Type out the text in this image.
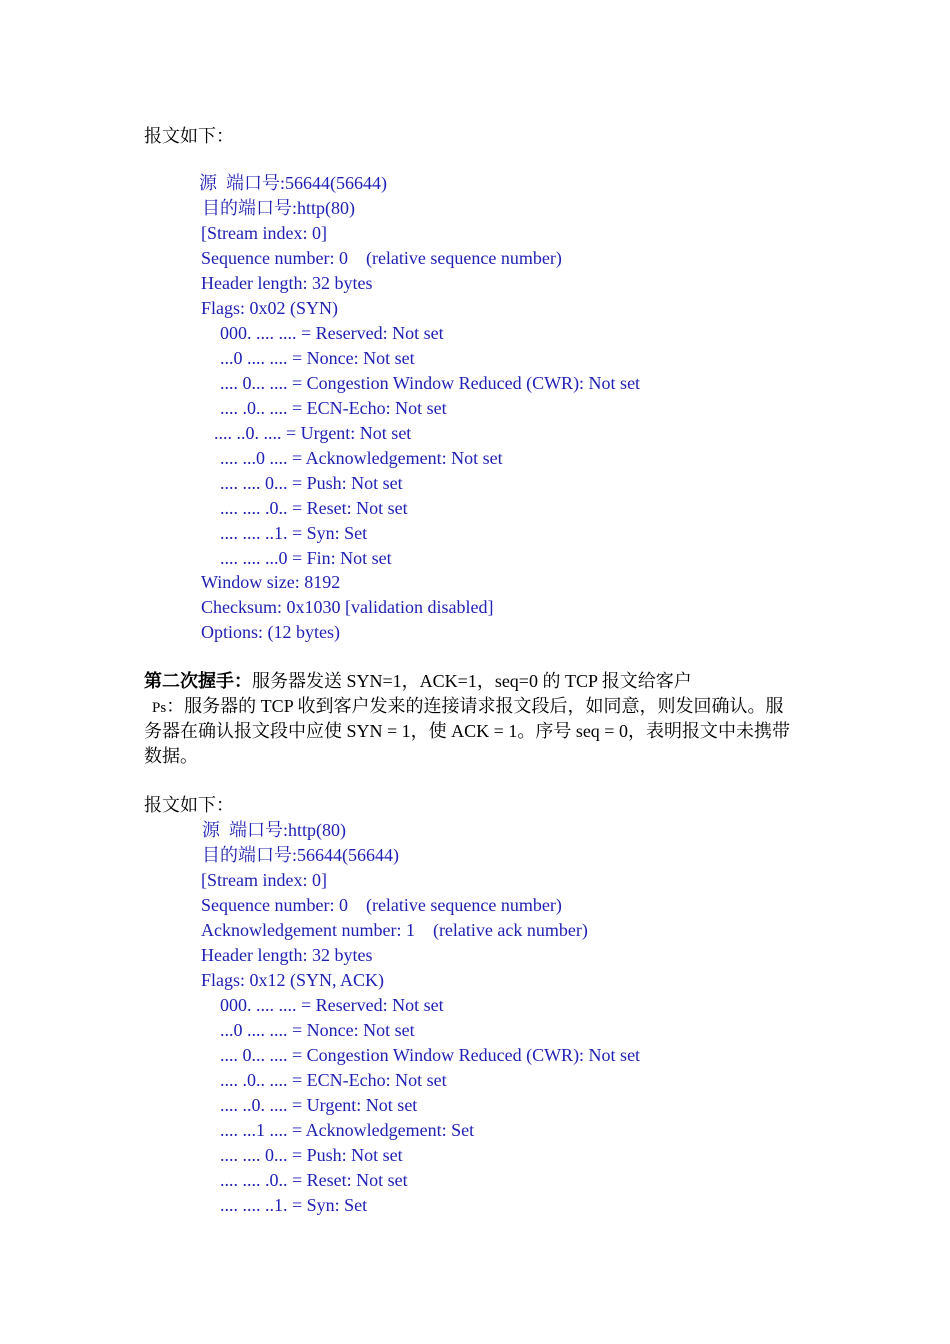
报文如下：
源  端口号:56644(56644)
目的端口号:http(80)
[Stream index: 0]
Sequence number: 0    (relative sequence number)
Header length: 32 bytes
Flags: 0x02 (SYN)
000. .... .... = Reserved: Not set
...0 .... .... = Nonce: Not set
.... 0... .... = Congestion Window Reduced (CWR): Not set
.... .0.. .... = ECN-Echo: Not set
.... ..0. .... = Urgent: Not set
.... ...0 .... = Acknowledgement: Not set
.... .... 0... = Push: Not set
.... .... .0.. = Reset: Not set
.... .... ..1. = Syn: Set
.... .... ...0 = Fin: Not set
Window size: 8192
Checksum: 0x1030 [validation disabled]
Options: (12 bytes)
第二次握手：服务器发送 SYN=1，ACK=1，seq=0 的 TCP 报文给客户
Ps：服务器的 TCP 收到客户发来的连接请求报文段后，如同意，则发回确认。服
务器在确认报文段中应使 SYN = 1，使 ACK = 1。序号 seq = 0，表明报文中未携带
数据。
报文如下：
源  端口号:http(80)
目的端口号:56644(56644)
[Stream index: 0]
Sequence number: 0    (relative sequence number)
Acknowledgement number: 1    (relative ack number)
Header length: 32 bytes
Flags: 0x12 (SYN, ACK)
000. .... .... = Reserved: Not set
...0 .... .... = Nonce: Not set
.... 0... .... = Congestion Window Reduced (CWR): Not set
.... .0.. .... = ECN-Echo: Not set
.... ..0. .... = Urgent: Not set
.... ...1 .... = Acknowledgement: Set
.... .... 0... = Push: Not set
.... .... .0.. = Reset: Not set
.... .... ..1. = Syn: Set
